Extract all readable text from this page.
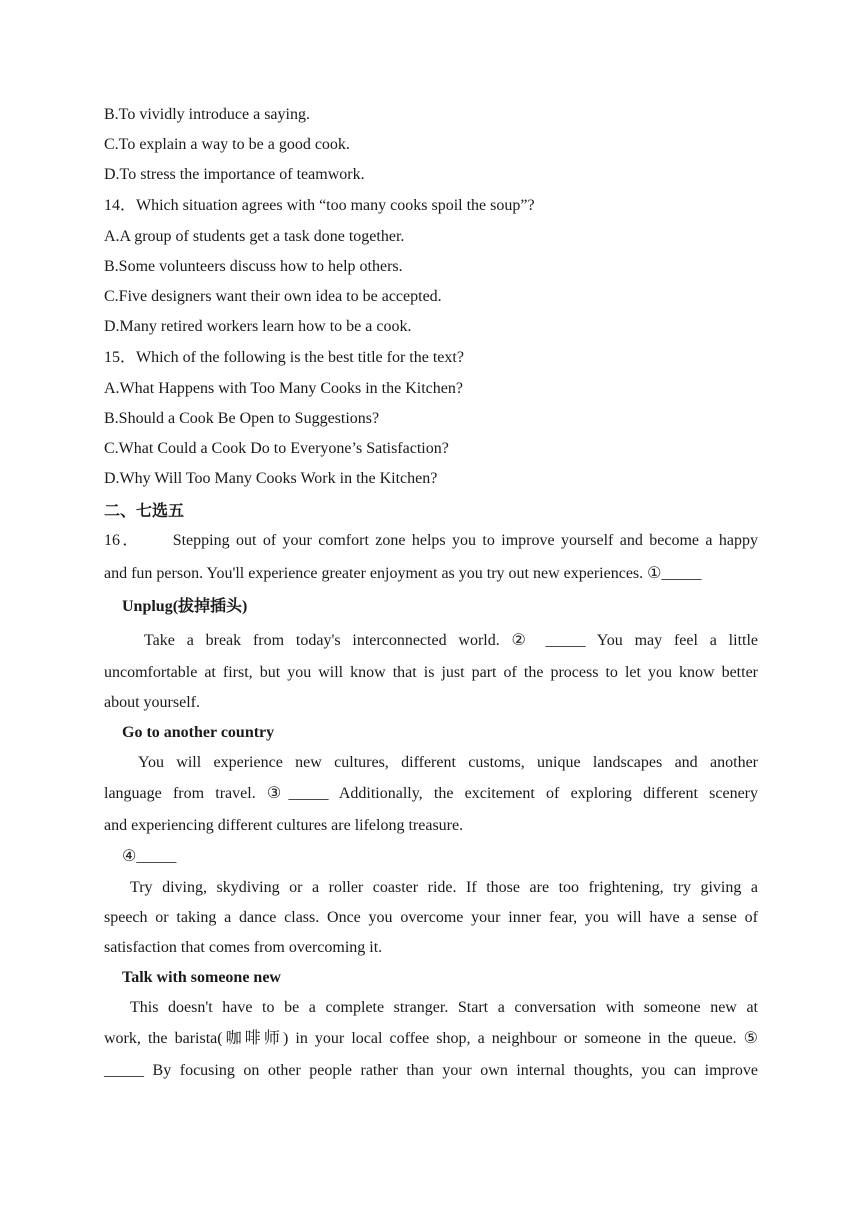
B.To vividly introduce a saying.
C.To explain a way to be a good cook.
D.To stress the importance of teamwork.
14．Which situation agrees with “too many cooks spoil the soup”?
A.A group of students get a task done together.
B.Some volunteers discuss how to help others.
C.Five designers want their own idea to be accepted.
D.Many retired workers learn how to be a cook.
15．Which of the following is the best title for the text?
A.What Happens with Too Many Cooks in the Kitchen?
B.Should a Cook Be Open to Suggestions?
C.What Could a Cook Do to Everyone’s Satisfaction?
D.Why Will Too Many Cooks Work in the Kitchen?
二、七选五
16．     Stepping out of your comfort zone helps you to improve yourself and become a happy
and fun person. You'll experience greater enjoyment as you try out new experiences. ①_____
Unplug(拔掉插头)
Take a break from today's interconnected world. ② _____ You may feel a little
uncomfortable at first, but you will know that is just part of the process to let you know better
about yourself.
Go to another country
You will experience new cultures, different customs, unique landscapes and another
language from travel. ③_____ Additionally, the excitement of exploring different scenery
and experiencing different cultures are lifelong treasure.
④_____
Try diving, skydiving or a roller coaster ride. If those are too frightening, try giving a
speech or taking a dance class. Once you overcome your inner fear, you will have a sense of
satisfaction that comes from overcoming it.
Talk with someone new
This doesn't have to be a complete stranger. Start a conversation with someone new at
work, the barista(咖啡师) in your local coffee shop, a neighbour or someone in the queue. ⑤
_____ By focusing on other people rather than your own internal thoughts, you can improve
